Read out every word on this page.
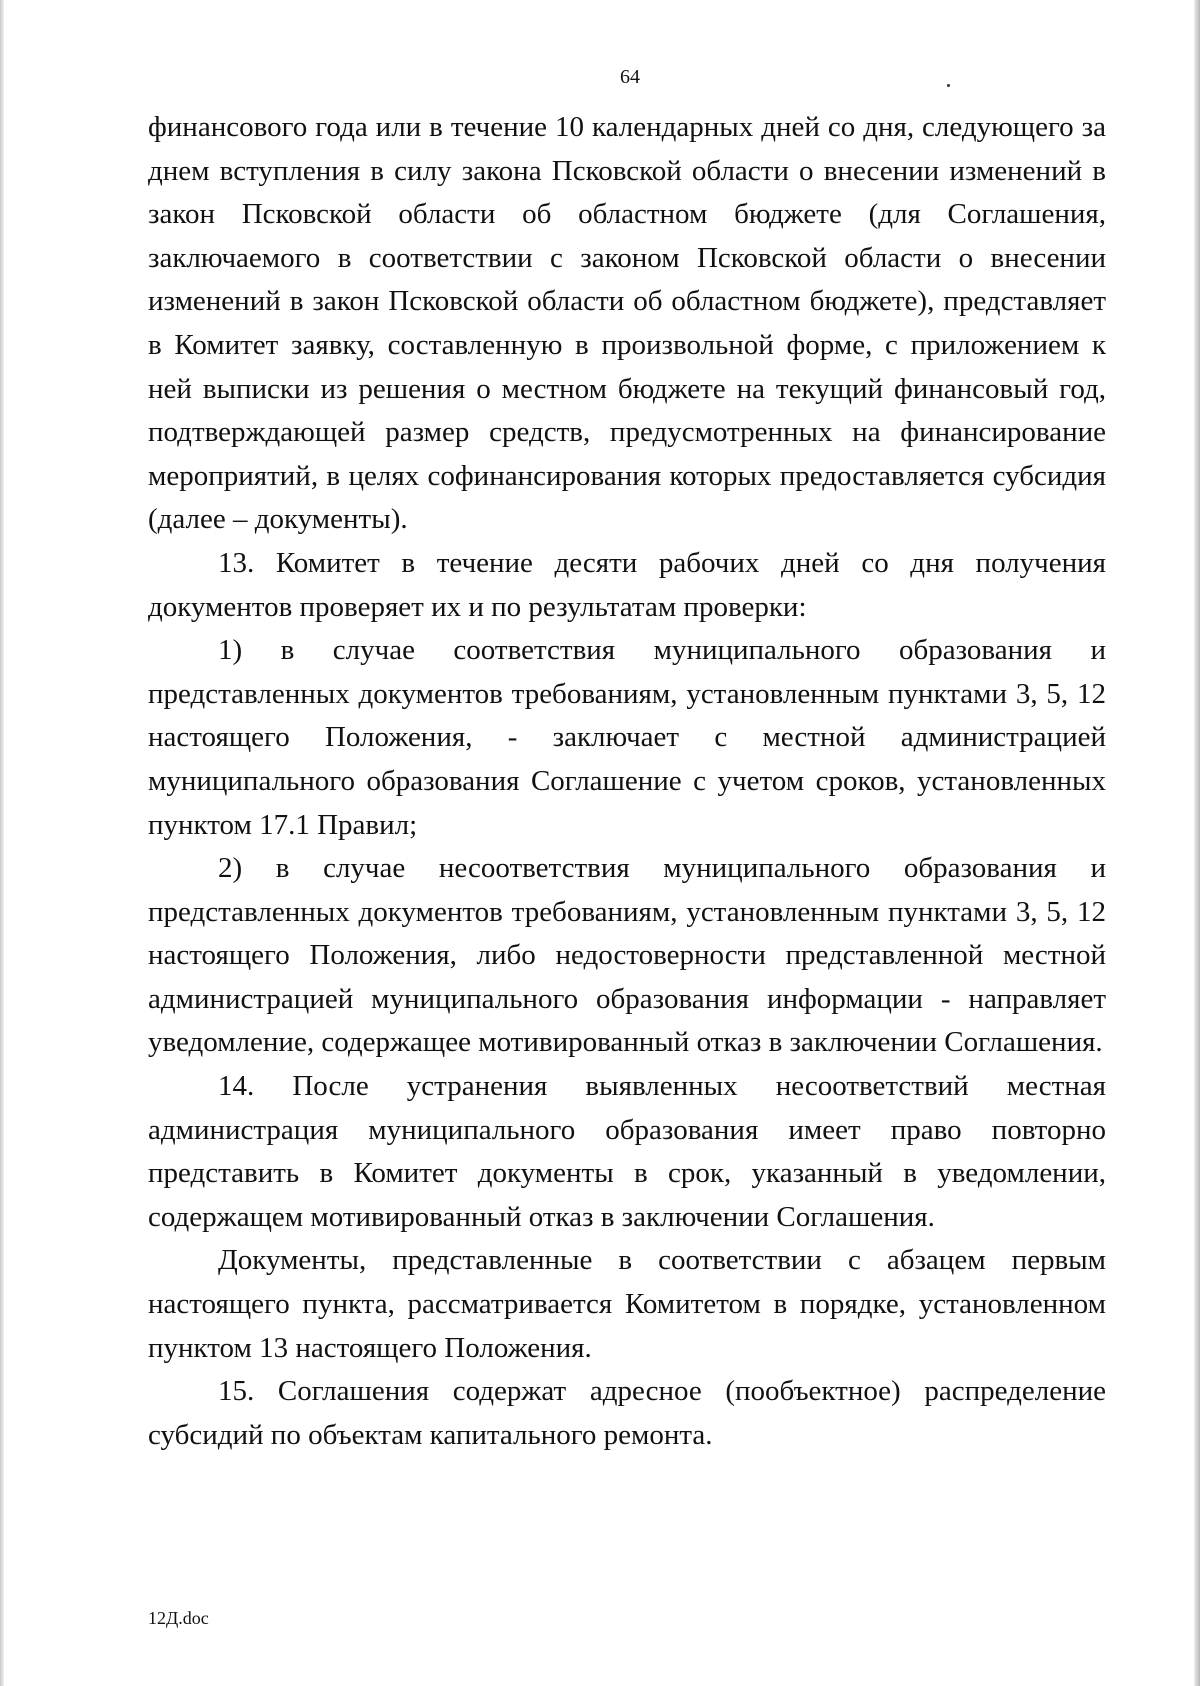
64

финансового года или в течение 10 календарных дней со дня, следующего за днем вступления в силу закона Псковской области о внесении изменений в закон Псковской области об областном бюджете (для Соглашения, заключаемого в соответствии с законом Псковской области о внесении изменений в закон Псковской области об областном бюджете), представляет в Комитет заявку, составленную в произвольной форме, с приложением к ней выписки из решения о местном бюджете на текущий финансовый год, подтверждающей размер средств, предусмотренных на финансирование мероприятий, в целях софинансирования которых предоставляется субсидия (далее – документы).

13. Комитет в течение десяти рабочих дней со дня получения документов проверяет их и по результатам проверки:

1) в случае соответствия муниципального образования и представленных документов требованиям, установленным пунктами 3, 5, 12 настоящего Положения, - заключает с местной администрацией муниципального образования Соглашение с учетом сроков, установленных пунктом 17.1 Правил;

2) в случае несоответствия муниципального образования и представленных документов требованиям, установленным пунктами 3, 5, 12 настоящего Положения, либо недостоверности представленной местной администрацией муниципального образования информации - направляет уведомление, содержащее мотивированный отказ в заключении Соглашения.

14. После устранения выявленных несоответствий местная администрация муниципального образования имеет право повторно представить в Комитет документы в срок, указанный в уведомлении, содержащем мотивированный отказ в заключении Соглашения.

Документы, представленные в соответствии с абзацем первым настоящего пункта, рассматривается Комитетом в порядке, установленном пунктом 13 настоящего Положения.

15. Соглашения содержат адресное (пообъектное) распределение субсидий по объектам капитального ремонта.

12Д.doc
